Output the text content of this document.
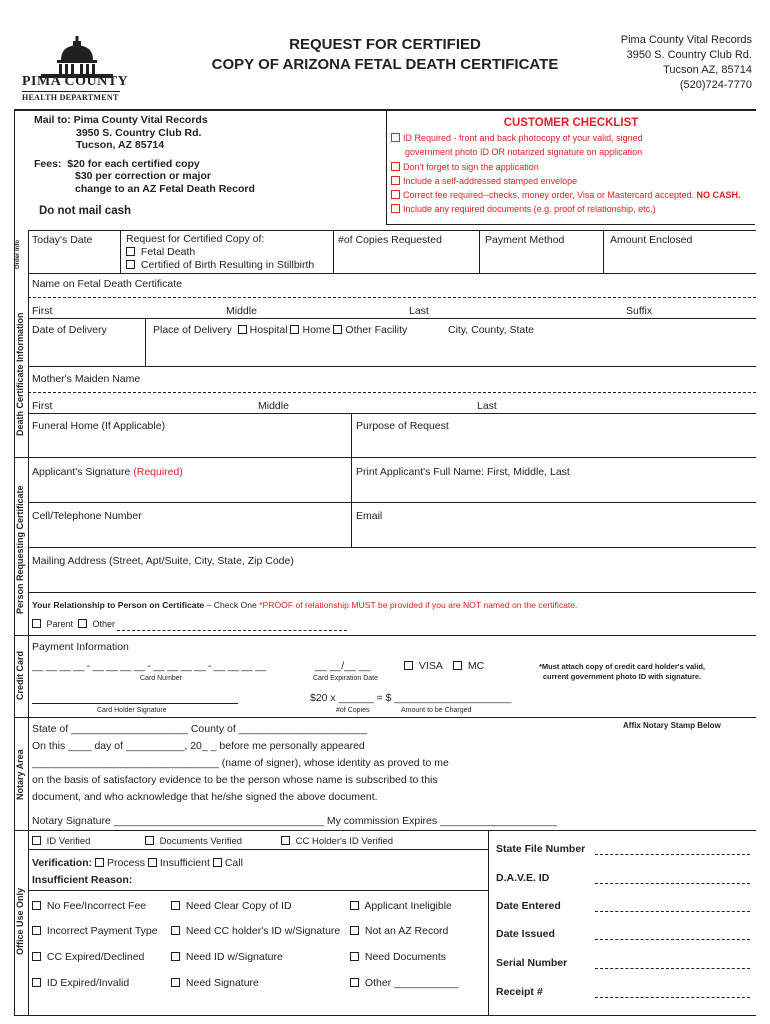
PIMA COUNTY
HEALTH DEPARTMENT
REQUEST FOR CERTIFIED
COPY OF ARIZONA FETAL DEATH CERTIFICATE
Pima County Vital Records
3950 S. Country Club Rd.
Tucson AZ, 85714
(520)724-7770
Mail to: Pima County Vital Records
3950 S. Country Club Rd.
Tucson, AZ 85714
Fees: $20 for each certified copy
$30 per correction or major
change to an AZ Fetal Death Record
Do not mail cash
CUSTOMER CHECKLIST
ID Required - front and back photocopy of your valid, signed
government photo ID OR notarized signature on application
Don't forget to sign the application
Include a self-addressed stamped envelope
Correct fee required--checks, money order, Visa or Mastercard accepted. NO CASH.
Include any required documents (e.g. proof of relationship, etc.)
Order Info
Death Certificate Information
Person Requesting Certificate
Credit Card
Notary Area
Office Use Only
Today's Date	Request for Certified Copy of:
Fetal Death
Certified of Birth Resulting in Stillbirth
#of Copies Requested	Payment Method	Amount Enclosed
Name on Fetal Death Certificate
First	Middle	Last	Suffix
Date of Delivery	Place of Delivery Hospital Home Other Facility	City, County, State
Mother's Maiden Name
First	Middle	Last
Funeral Home (If Applicable)	Purpose of Request
Applicant's Signature (Required)	Print Applicant's Full Name: First, Middle, Last
Cell/Telephone Number	Email
Mailing Address (Street, Apt/Suite, City, State, Zip Code)
Your Relationship to Person on Certificate – Check One *PROOF of relationship MUST be provided if you are NOT named on the certificate.
Parent	Other
Payment Information
__ __ __ __ - __ __ __ __ - __ __ __ __ - __ __ __ __
Card Number
__ __/__ __
Card Expiration Date
VISA	MC	*Must attach copy of credit card holder's valid,
current government photo ID with signature.
Card Holder Signature
$20 x ______ = $ ____________________
#of Copies	Amount to be Charged
State of ____________________ County of ______________________
On this ____ day of __________, 20_ _ before me personally appeared
________________________________ (name of signer), whose identity as proved to me
on the basis of satisfactory evidence to be the person whose name is subscribed to this
document, and who acknowledge that he/she signed the above document.
Notary Signature ____________________________________ My commission Expires ____________________
Affix Notary Stamp Below
ID Verified	Documents Verified	CC Holder's ID Verified
Verification: Process Insufficient Call
Insufficient Reason:
No Fee/Incorrect Fee	Need Clear Copy of ID	Applicant Ineligible
Incorrect Payment Type	Need CC holder's ID w/Signature	Not an AZ Record
CC Expired/Declined	Need ID w/Signature	Need Documents
ID Expired/Invalid	Need Signature	Other ___________
State File Number
D.A.V.E. ID
Date Entered
Date Issued
Serial Number
Receipt #
